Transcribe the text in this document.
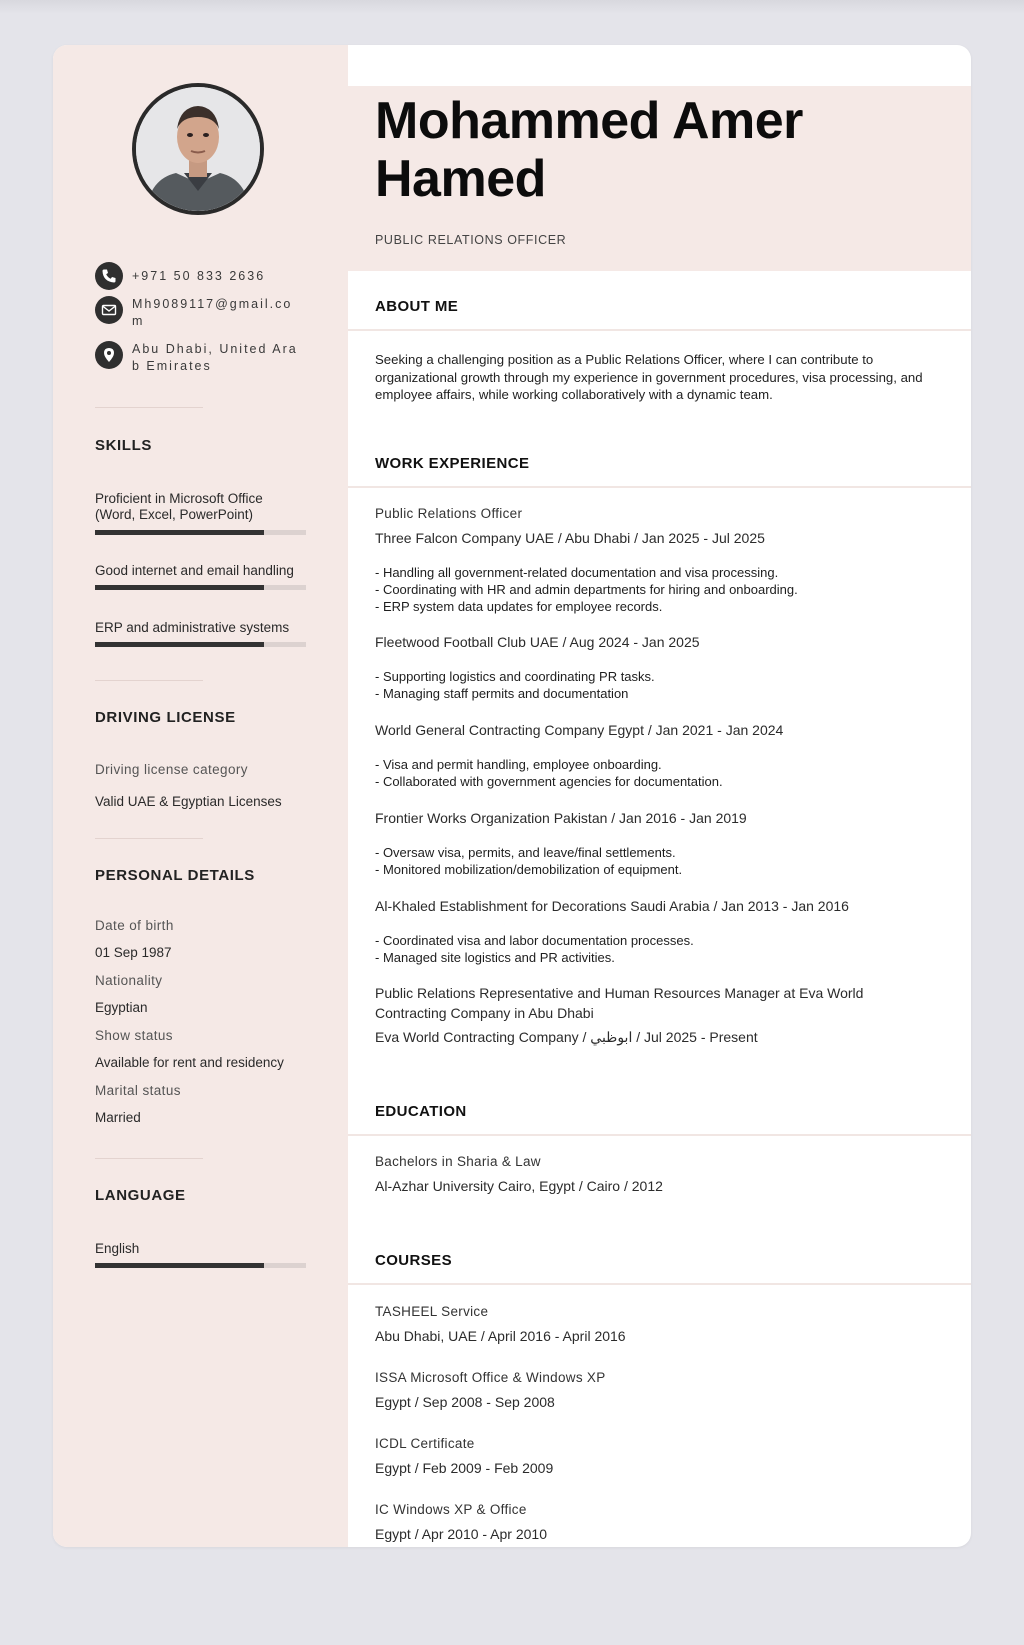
+971 50 833 2636
Mh9089117@gmail.com
Abu Dhabi, United Arab Emirates
SKILLS
Proficient in Microsoft Office (Word, Excel, PowerPoint)
Good internet and email handling
ERP and administrative systems
DRIVING LICENSE
Driving license category
Valid UAE & Egyptian Licenses
PERSONAL DETAILS
Date of birth
01 Sep 1987
Nationality
Egyptian
Show status
Available for rent and residency
Marital status
Married
LANGUAGE
English
Mohammed Amer
Hamed
PUBLIC RELATIONS OFFICER
ABOUT ME
Seeking a challenging position as a Public Relations Officer, where I can contribute to organizational growth through my experience in government procedures, visa processing, and employee affairs, while working collaboratively with a dynamic team.
WORK EXPERIENCE
Public Relations Officer
Three Falcon Company UAE / Abu Dhabi / Jan 2025 - Jul 2025
- Handling all government-related documentation and visa processing.
- Coordinating with HR and admin departments for hiring and onboarding.
- ERP system data updates for employee records.
Fleetwood Football Club UAE / Aug 2024 - Jan 2025
- Supporting logistics and coordinating PR tasks.
- Managing staff permits and documentation
World General Contracting Company Egypt / Jan 2021 - Jan 2024
- Visa and permit handling, employee onboarding.
- Collaborated with government agencies for documentation.
Frontier Works Organization Pakistan / Jan 2016 - Jan 2019
- Oversaw visa, permits, and leave/final settlements.
- Monitored mobilization/demobilization of equipment.
Al-Khaled Establishment for Decorations Saudi Arabia / Jan 2013 - Jan 2016
- Coordinated visa and labor documentation processes.
- Managed site logistics and PR activities.
Public Relations Representative and Human Resources Manager at Eva World Contracting Company in Abu Dhabi
Eva World Contracting Company / ابوظبي / Jul 2025 - Present
EDUCATION
Bachelors in Sharia & Law
Al-Azhar University Cairo, Egypt / Cairo / 2012
COURSES
TASHEEL Service
Abu Dhabi, UAE / April 2016 - April 2016
ISSA Microsoft Office & Windows XP
Egypt / Sep 2008 - Sep 2008
ICDL Certificate
Egypt / Feb 2009 - Feb 2009
IC Windows XP & Office
Egypt / Apr 2010 - Apr 2010
